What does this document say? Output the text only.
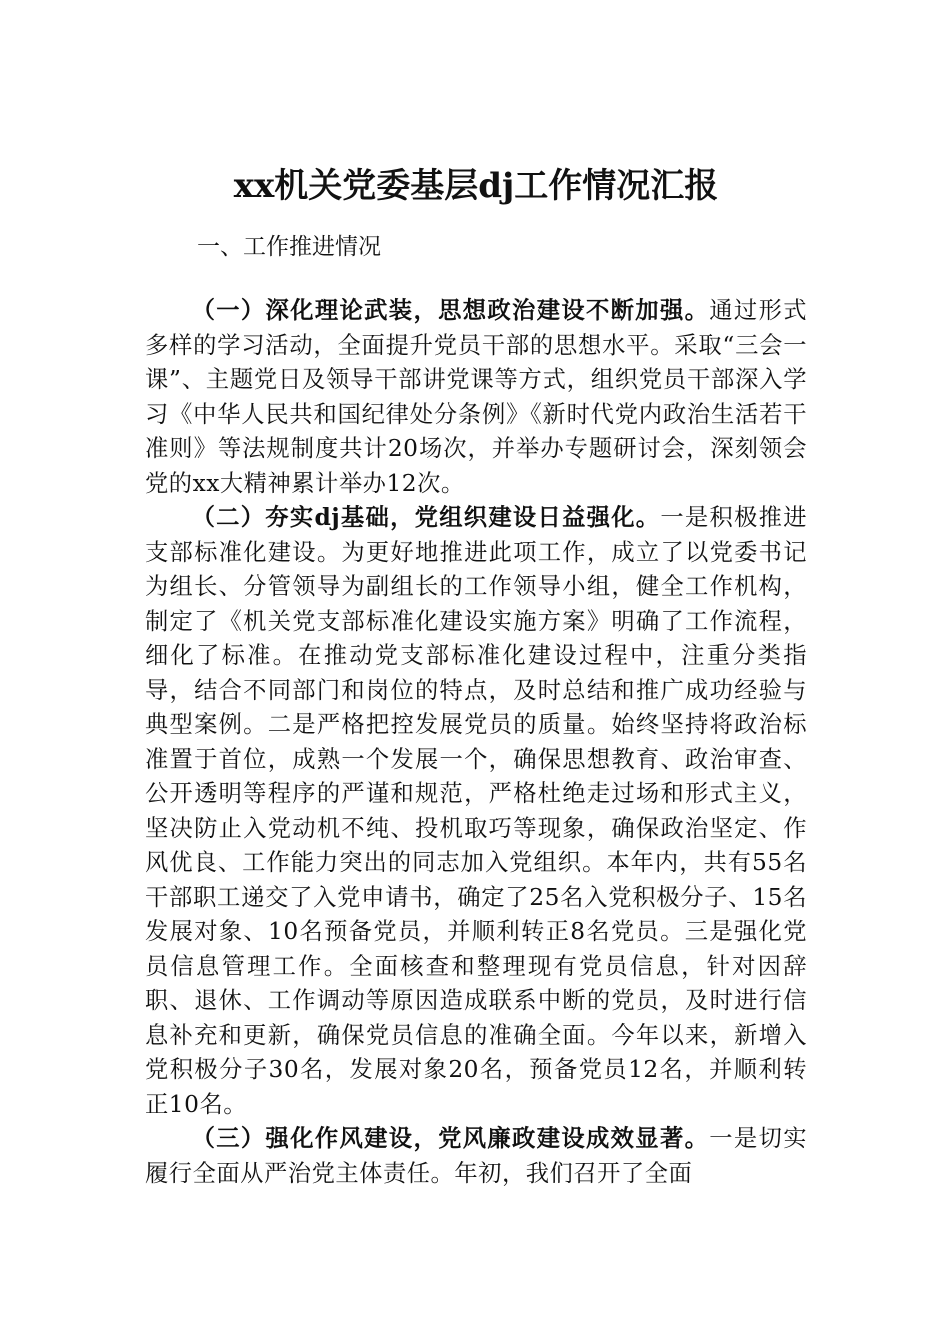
xx机关党委基层dj工作情况汇报
一、工作推进情况

（一）深化理论武装，思想政治建设不断加强。通过形式多样的学习活动，全面提升党员干部的思想水平。采取“三会一课”、主题党日及领导干部讲党课等方式，组织党员干部深入学习《中华人民共和国纪律处分条例》《新时代党内政治生活若干准则》等法规制度共计20场次，并举办专题研讨会，深刻领会党的xx大精神累计举办12次。

（二）夯实dj基础，党组织建设日益强化。一是积极推进支部标准化建设。为更好地推进此项工作，成立了以党委书记为组长、分管领导为副组长的工作领导小组，健全工作机构，制定了《机关党支部标准化建设实施方案》明确了工作流程，细化了标准。在推动党支部标准化建设过程中，注重分类指导，结合不同部门和岗位的特点，及时总结和推广成功经验与典型案例。二是严格把控发展党员的质量。始终坚持将政治标准置于首位，成熟一个发展一个，确保思想教育、政治审查、公开透明等程序的严谨和规范，严格杜绝走过场和形式主义，坚决防止入党动机不纯、投机取巧等现象，确保政治坚定、作风优良、工作能力突出的同志加入党组织。本年内，共有55名干部职工递交了入党申请书，确定了25名入党积极分子、15名发展对象、10名预备党员，并顺利转正8名党员。三是强化党员信息管理工作。全面核查和整理现有党员信息，针对因辞职、退休、工作调动等原因造成联系中断的党员，及时进行信息补充和更新，确保党员信息的准确全面。今年以来，新增入党积极分子30名，发展对象20名，预备党员12名，并顺利转正10名。

（三）强化作风建设，党风廉政建设成效显著。一是切实履行全面从严治党主体责任。年初，我们召开了全面
